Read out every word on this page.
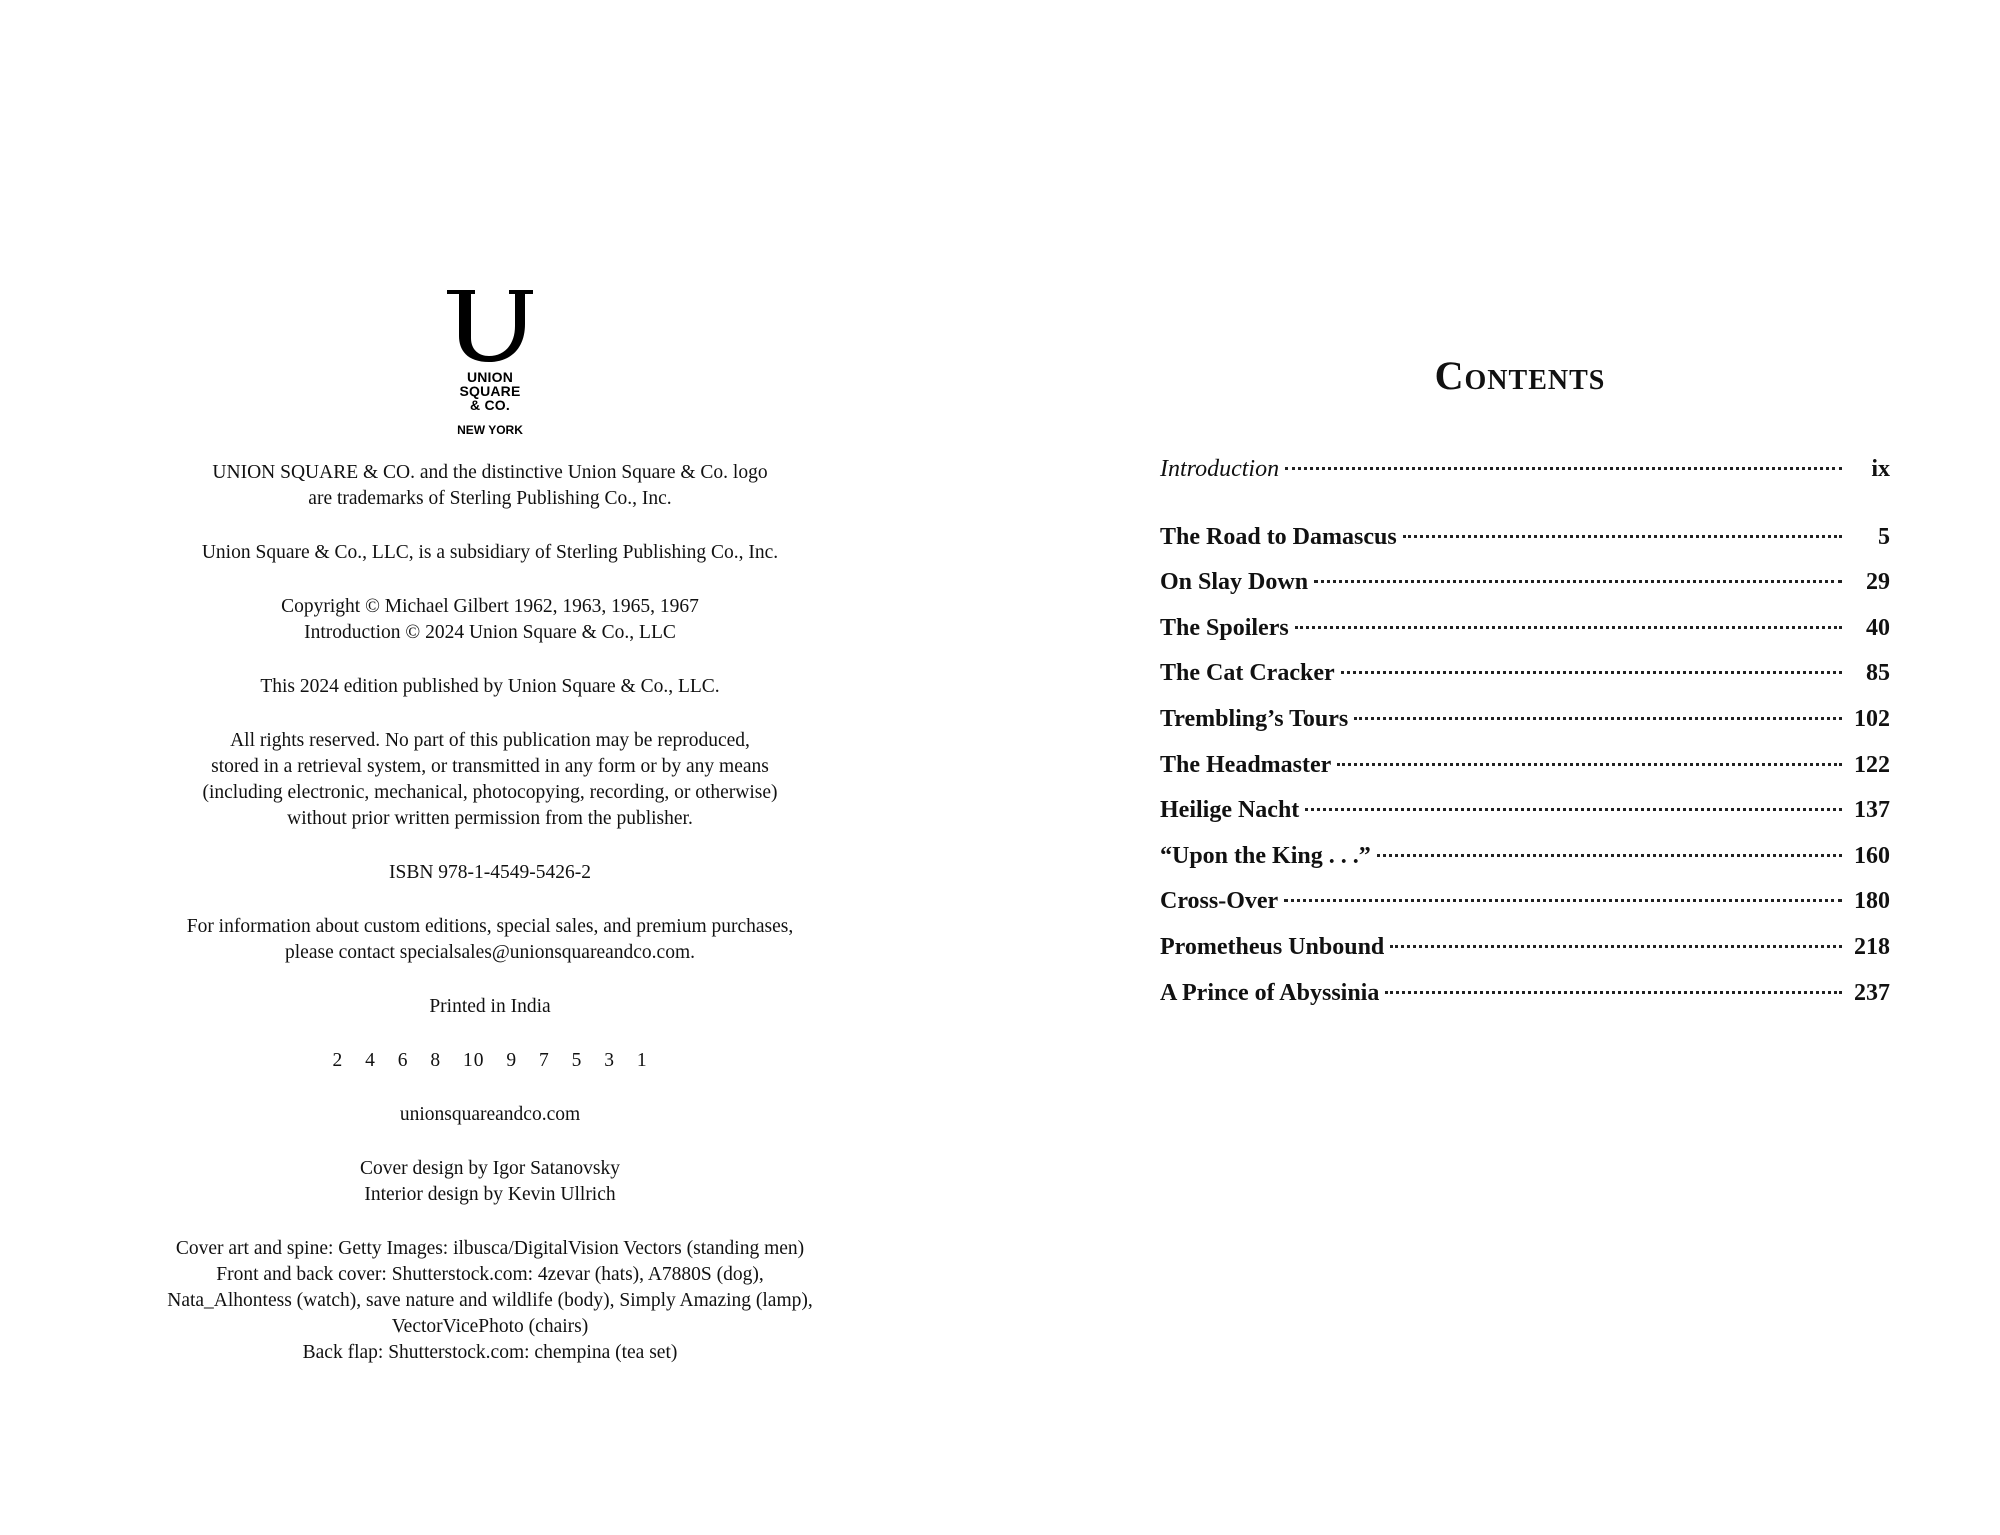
UNION
SQUARE
& CO.
NEW YORK

UNION SQUARE & CO. and the distinctive Union Square & Co. logo
are trademarks of Sterling Publishing Co., Inc.

Union Square & Co., LLC, is a subsidiary of Sterling Publishing Co., Inc.

Copyright © Michael Gilbert 1962, 1963, 1965, 1967
Introduction © 2024 Union Square & Co., LLC

This 2024 edition published by Union Square & Co., LLC.

All rights reserved. No part of this publication may be reproduced,
stored in a retrieval system, or transmitted in any form or by any means
(including electronic, mechanical, photocopying, recording, or otherwise)
without prior written permission from the publisher.

ISBN 978-1-4549-5426-2

For information about custom editions, special sales, and premium purchases,
please contact specialsales@unionsquareandco.com.

Printed in India

2 4 6 8 10 9 7 5 3 1

unionsquareandco.com

Cover design by Igor Satanovsky
Interior design by Kevin Ullrich

Cover art and spine: Getty Images: ilbusca/DigitalVision Vectors (standing men)
Front and back cover: Shutterstock.com: 4zevar (hats), A7880S (dog),
Nata_Alhontess (watch), save nature and wildlife (body), Simply Amazing (lamp),
VectorVicePhoto (chairs)
Back flap: Shutterstock.com: chempina (tea set)

Contents
Introduction	ix
The Road to Damascus	5
On Slay Down	29
The Spoilers	40
The Cat Cracker	85
Trembling’s Tours	102
The Headmaster	122
Heilige Nacht	137
“Upon the King . . .”	160
Cross-Over	180
Prometheus Unbound	218
A Prince of Abyssinia	237
